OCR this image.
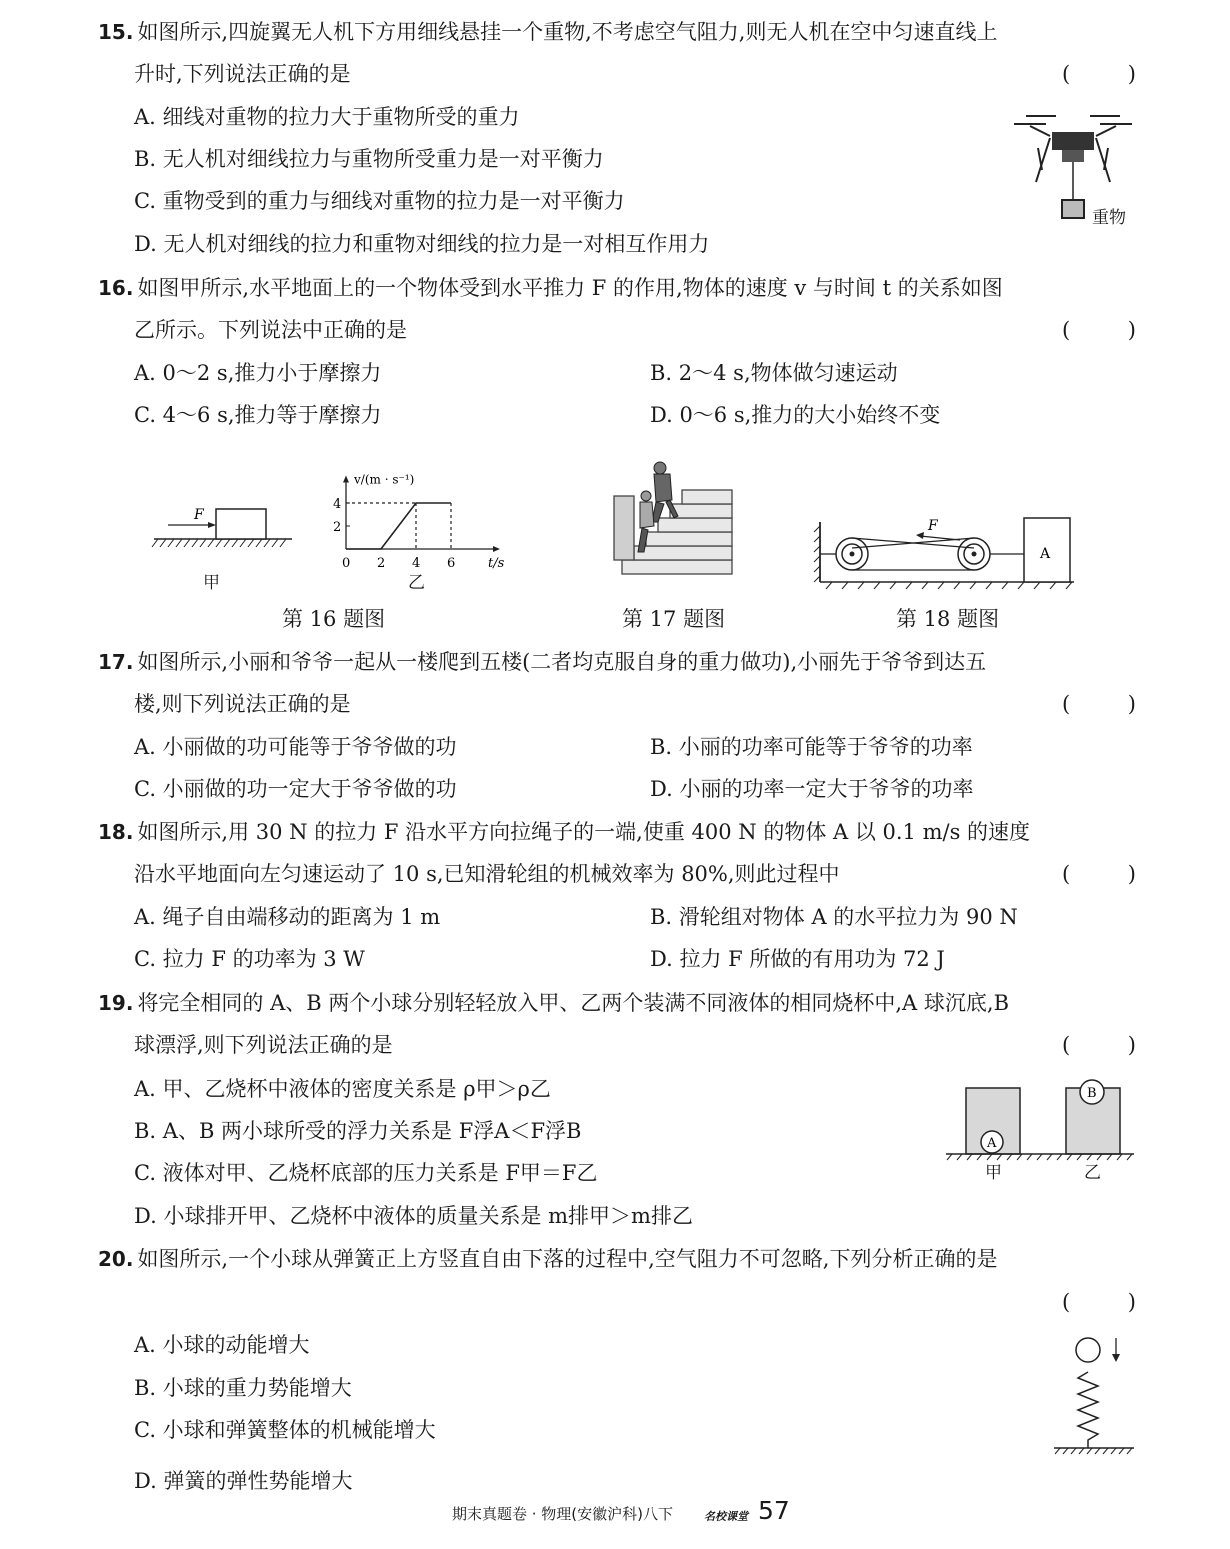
15. 如图所示,四旋翼无人机下方用细线悬挂一个重物,不考虑空气阻力,则无人机在空中匀速直线上
升时,下列说法正确的是	(	)
A. 细线对重物的拉力大于重物所受的重力
B. 无人机对细线拉力与重物所受重力是一对平衡力
C. 重物受到的重力与细线对重物的拉力是一对平衡力
D. 无人机对细线的拉力和重物对细线的拉力是一对相互作用力
重物
16. 如图甲所示,水平地面上的一个物体受到水平推力 F 的作用,物体的速度 v 与时间 t 的关系如图
乙所示。下列说法中正确的是	(	)
A. 0～2 s,推力小于摩擦力	B. 2～4 s,物体做匀速运动
C. 4～6 s,推力等于摩擦力	D. 0～6 s,推力的大小始终不变
F
甲
v/(m · s⁻¹)
t/s
0 2 4 6
2
4
乙
第 16 题图	第 17 题图
F
A
第 18 题图
17. 如图所示,小丽和爷爷一起从一楼爬到五楼(二者均克服自身的重力做功),小丽先于爷爷到达五
楼,则下列说法正确的是	(	)
A. 小丽做的功可能等于爷爷做的功	B. 小丽的功率可能等于爷爷的功率
C. 小丽做的功一定大于爷爷做的功	D. 小丽的功率一定大于爷爷的功率
18. 如图所示,用 30 N 的拉力 F 沿水平方向拉绳子的一端,使重 400 N 的物体 A 以 0.1 m/s 的速度
沿水平地面向左匀速运动了 10 s,已知滑轮组的机械效率为 80%,则此过程中	(	)
A. 绳子自由端移动的距离为 1 m	B. 滑轮组对物体 A 的水平拉力为 90 N
C. 拉力 F 的功率为 3 W	D. 拉力 F 所做的有用功为 72 J
19. 将完全相同的 A、B 两个小球分别轻轻放入甲、乙两个装满不同液体的相同烧杯中,A 球沉底,B
球漂浮,则下列说法正确的是	(	)
A. 甲、乙烧杯中液体的密度关系是 ρ甲＞ρ乙
B. A、B 两小球所受的浮力关系是 F浮A＜F浮B
C. 液体对甲、乙烧杯底部的压力关系是 F甲＝F乙
D. 小球排开甲、乙烧杯中液体的质量关系是 m排甲＞m排乙
A
B
甲	乙
20. 如图所示,一个小球从弹簧正上方竖直自由下落的过程中,空气阻力不可忽略,下列分析正确的是
(	)
A. 小球的动能增大
B. 小球的重力势能增大
C. 小球和弹簧整体的机械能增大
D. 弹簧的弹性势能增大
期末真题卷 · 物理(安徽沪科)八下	名校课堂 57
